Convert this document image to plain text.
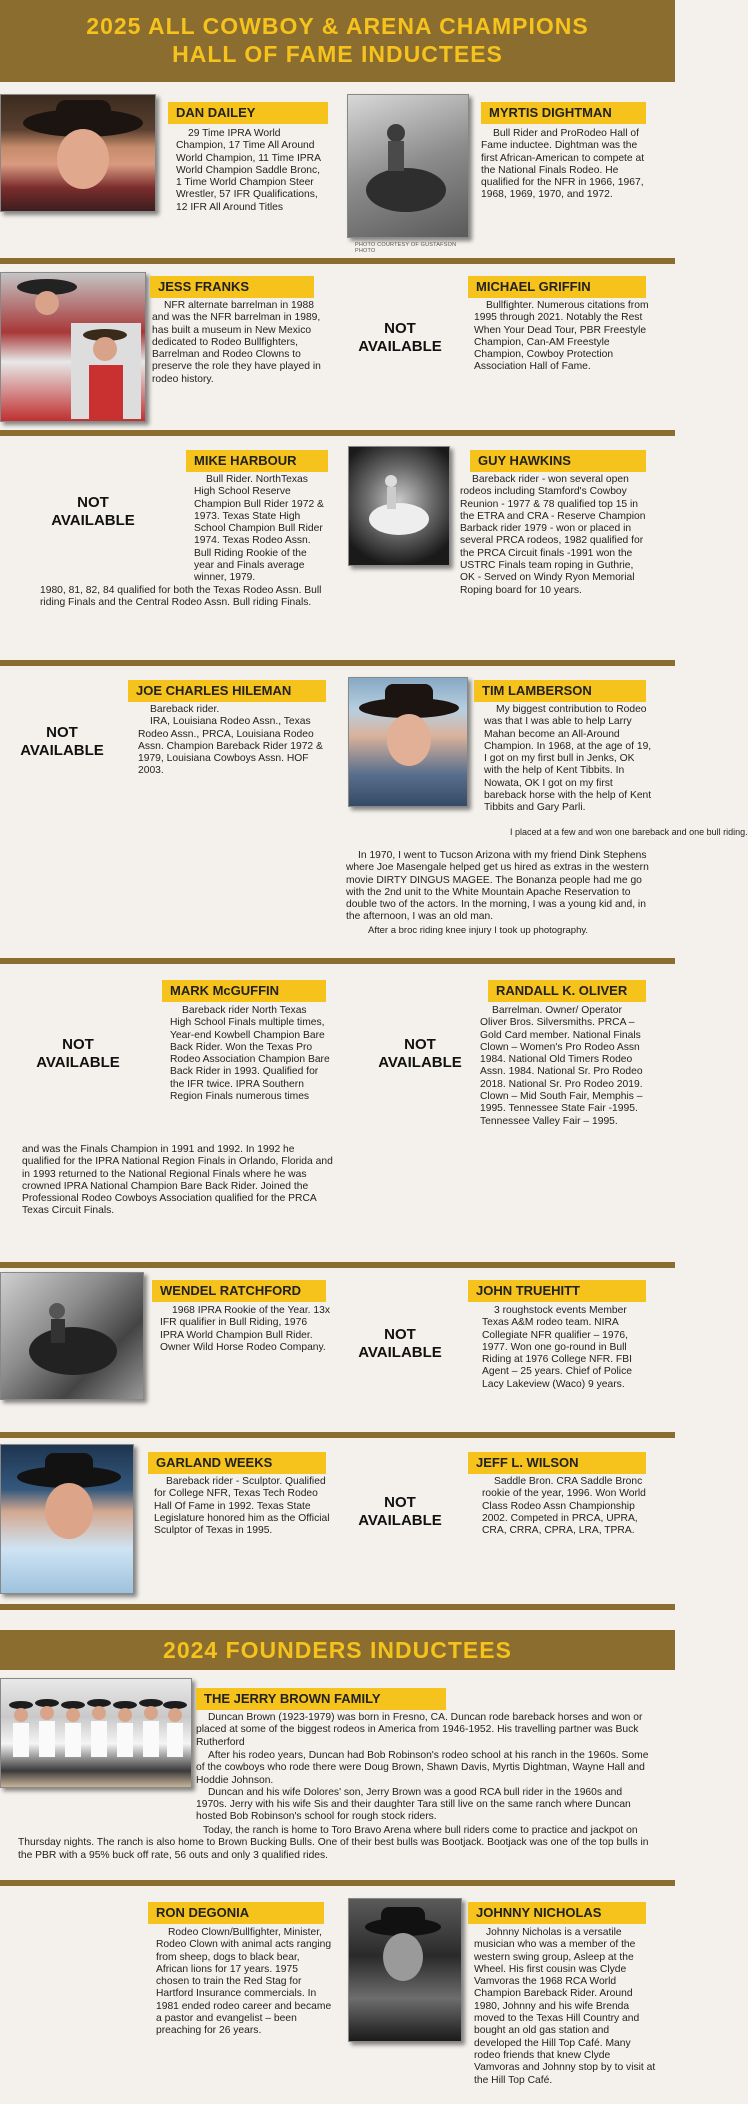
2025 ALL COWBOY & ARENA CHAMPIONS
HALL OF FAME INDUCTEES
DAN DAILEY

29 Time IPRA World Champion, 17 Time All Around World Champion, 11 Time IPRA World Champion Saddle Bronc, 1 Time World Champion Steer Wrestler, 57 IFR Qualifications, 12 IFR All Around Titles

PHOTO COURTESY OF GUSTAFSON PHOTO
MYRTIS DIGHTMAN

Bull Rider and ProRodeo Hall of Fame inductee. Dightman was the first African-American to compete at the National Finals Rodeo. He qualified for the NFR in 1966, 1967, 1968, 1969, 1970, and 1972.

JESS FRANKS

NFR alternate barrelman in 1988 and was the NFR barrelman in 1989, has built a museum in New Mexico dedicated to Rodeo Bullfighters, Barrelman and Rodeo Clowns to preserve the role they have played in rodeo history.

NOT
AVAILABLE
MICHAEL GRIFFIN

Bullfighter. Numerous citations from 1995 through 2021. Notably the Rest When Your Dead Tour, PBR Freestyle Champion, Can-AM Freestyle Champion, Cowboy Protection Association Hall of Fame.

NOT
AVAILABLE
MIKE HARBOUR

Bull Rider. NorthTexas High School Reserve Champion Bull Rider 1972 & 1973. Texas State High School Champion Bull Rider 1974. Texas Rodeo Assn. Bull Riding Rookie of the year and Finals average winner, 1979.

1980, 81, 82, 84 qualified for both the Texas Rodeo Assn. Bull riding Finals and the Central Rodeo Assn. Bull riding Finals.

GUY HAWKINS

Bareback rider - won several open rodeos including Stamford's Cowboy Reunion - 1977 & 78 qualified top 15 in the ETRA and CRA - Reserve Champion Barback rider 1979 - won or placed in several PRCA rodeos, 1982 qualified for the PRCA Circuit finals -1991 won the USTRC Finals team roping in Guthrie, OK - Served on Windy Ryon Memorial Roping board for 10 years.

NOT
AVAILABLE
JOE CHARLES HILEMAN

Bareback rider.

IRA, Louisiana Rodeo Assn., Texas Rodeo Assn., PRCA, Louisiana Rodeo Assn. Champion Bareback Rider 1972 & 1979, Louisiana Cowboys Assn. HOF 2003.

TIM LAMBERSON

My biggest contribution to Rodeo was that I was able to help Larry Mahan become an All-Around Champion. In 1968, at the age of 19, I got on my first bull in Jenks, OK with the help of Kent Tibbits. In Nowata, OK I got on my first bareback horse with the help of Kent Tibbits and Gary Parli.

I placed at a few and won one bareback and one bull riding.

In 1970, I went to Tucson Arizona with my friend Dink Stephens where Joe Masengale helped get us hired as extras in the western movie DIRTY DINGUS MAGEE. The Bonanza people had me go with the 2nd unit to the White Mountain Apache Reservation to double two of the actors. In the morning, I was a young kid and, in the afternoon, I was an old man.

After a broc riding knee injury I took up photography.

NOT
AVAILABLE
MARK McGUFFIN

Bareback rider North Texas High School Finals multiple times, Year-end Kowbell Champion Bare Back Rider. Won the Texas Pro Rodeo Association Champion Bare Back Rider in 1993. Qualified for the IFR twice. IPRA Southern Region Finals numerous times

and was the Finals Champion in 1991 and 1992. In 1992 he qualified for the IPRA National Region Finals in Orlando, Florida and in 1993 returned to the National Regional Finals where he was crowned IPRA National Champion Bare Back Rider. Joined the Professional Rodeo Cowboys Association qualified for the PRCA Texas Circuit Finals.

NOT
AVAILABLE
RANDALL K. OLIVER

Barrelman. Owner/ Operator Oliver Bros. Silversmiths. PRCA – Gold Card member. National Finals Clown – Women's Pro Rodeo Assn 1984. National Old Timers Rodeo Assn. 1984. National Sr. Pro Rodeo 2018. National Sr. Pro Rodeo 2019. Clown – Mid South Fair, Memphis – 1995. Tennessee State Fair -1995. Tennessee Valley Fair – 1995.

WENDEL RATCHFORD

1968 IPRA Rookie of the Year. 13x IFR qualifier in Bull Riding, 1976 IPRA World Champion Bull Rider. Owner Wild Horse Rodeo Company.

NOT
AVAILABLE
JOHN TRUEHITT

3 roughstock events Member Texas A&M rodeo team. NIRA Collegiate NFR qualifier – 1976, 1977. Won one go-round in Bull Riding at 1976 College NFR. FBI Agent – 25 years. Chief of Police Lacy Lakeview (Waco) 9 years.

GARLAND WEEKS

Bareback rider - Sculptor. Qualified for College NFR, Texas Tech Rodeo Hall Of Fame in 1992. Texas State Legislature honored him as the Official Sculptor of Texas in 1995.

NOT
AVAILABLE
JEFF L. WILSON

Saddle Bron. CRA Saddle Bronc rookie of the year, 1996. Won World Class Rodeo Assn Championship 2002. Competed in PRCA, UPRA, CRA, CRRA, CPRA, LRA, TPRA.

2024 FOUNDERS INDUCTEES
THE JERRY BROWN FAMILY

Duncan Brown (1923-1979) was born in Fresno, CA. Duncan rode bareback horses and won or placed at some of the biggest rodeos in America from 1946-1952. His travelling partner was Buck Rutherford

After his rodeo years, Duncan had Bob Robinson's rodeo school at his ranch in the 1960s. Some of the cowboys who rode there were Doug Brown, Shawn Davis, Myrtis Dightman, Wayne Hall and Hoddie Johnson.

Duncan and his wife Dolores' son, Jerry Brown was a good RCA bull rider in the 1960s and 1970s. Jerry with his wife Sis and their daughter Tara still live on the same ranch where Duncan hosted Bob Robinson's school for rough stock riders.

Today, the ranch is home to Toro Bravo Arena where bull riders come to practice and jackpot on Thursday nights. The ranch is also home to Brown Bucking Bulls. One of their best bulls was Bootjack. Bootjack was one of the top bulls in the PBR with a 95% buck off rate, 56 outs and only 3 qualified rides.

RON DEGONIA

Rodeo Clown/Bullfighter, Minister, Rodeo Clown with animal acts ranging from sheep, dogs to black bear, African lions for 17 years. 1975 chosen to train the Red Stag for Hartford Insurance commercials. In 1981 ended rodeo career and became a pastor and evangelist – been preaching for 26 years.

JOHNNY NICHOLAS

Johnny Nicholas is a versatile musician who was a member of the western swing group, Asleep at the Wheel. His first cousin was Clyde Vamvoras the 1968 RCA World Champion Bareback Rider. Around 1980, Johnny and his wife Brenda moved to the Texas Hill Country and bought an old gas station and developed the Hill Top Café. Many rodeo friends that knew Clyde Vamvoras and Johnny stop by to visit at the Hill Top Café.
